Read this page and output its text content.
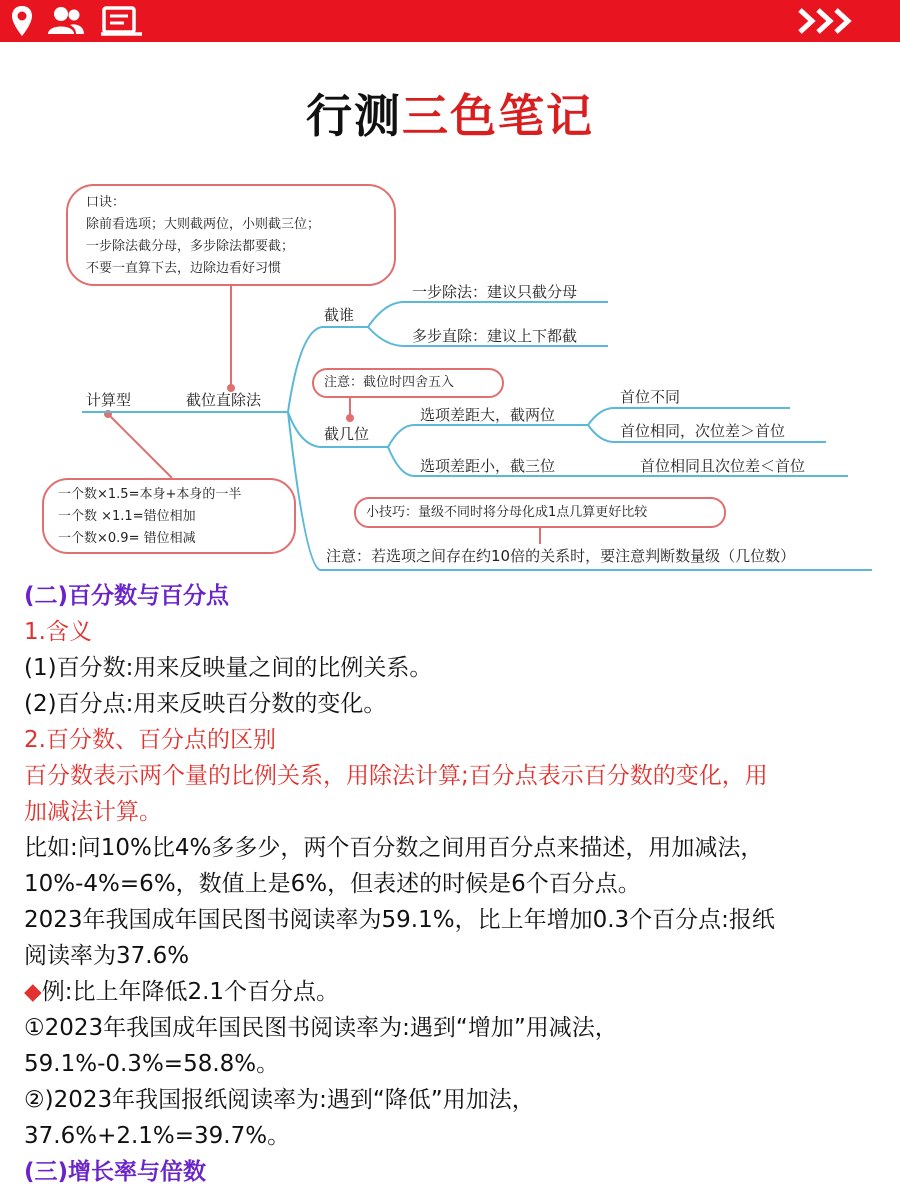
行测三色笔记
口诀：
除前看选项；大则截两位，小则截三位；
一步除法截分母，多步除法都要截；
不要一直算下去，边除边看好习惯
计算型	截位直除法
截谁
一步除法：建议只截分母
多步直除：建议上下都截
注意：截位时四舍五入
截几位
选项差距大，截两位
首位不同
首位相同，次位差＞首位
选项差距小，截三位	首位相同且次位差＜首位
一个数×1.5=本身+本身的一半
一个数 ×1.1=错位相加
一个数×0.9= 错位相减
小技巧：量级不同时将分母化成1点几算更好比较
注意：若选项之间存在约10倍的关系时，要注意判断数量级（几位数）
(二)百分数与百分点
1.含义
(1)百分数:用来反映量之间的比例关系。
(2)百分点:用来反映百分数的变化。
2.百分数、百分点的区别
百分数表示两个量的比例关系，用除法计算;百分点表示百分数的变化，用
加减法计算。
比如:问10%比4%多多少，两个百分数之间用百分点来描述，用加减法，
10%-4%=6%，数值上是6%，但表述的时候是6个百分点。
2023年我国成年国民图书阅读率为59.1%，比上年增加0.3个百分点:报纸
阅读率为37.6%
◆例:比上年降低2.1个百分点。
①2023年我国成年国民图书阅读率为:遇到“增加”用减法，
59.1%-0.3%=58.8%。
②)2023年我国报纸阅读率为:遇到“降低”用加法，
37.6%+2.1%=39.7%。
(三)增长率与倍数
